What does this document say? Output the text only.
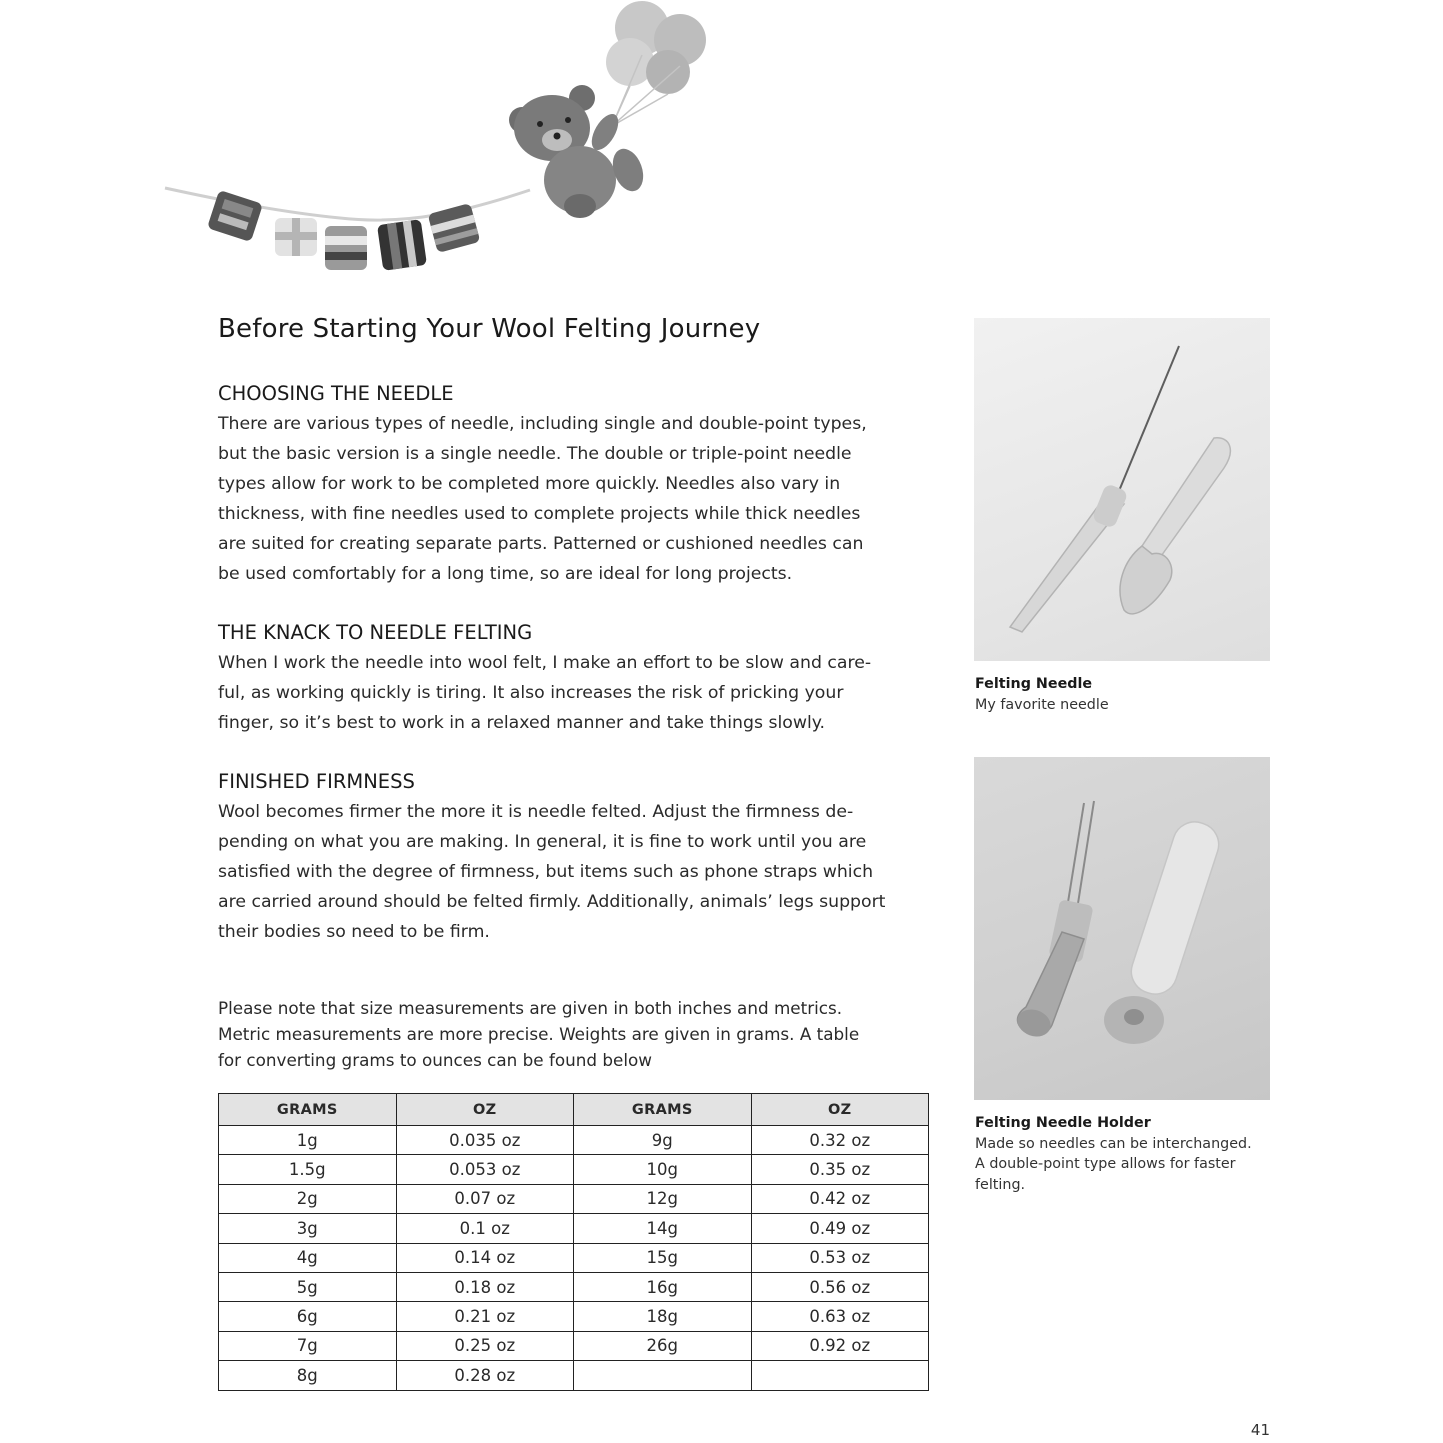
Before Starting Your Wool Felting Journey
CHOOSING THE NEEDLE
There are various types of needle, including single and double-point types,
but the basic version is a single needle. The double or triple-point needle
types allow for work to be completed more quickly. Needles also vary in
thickness, with fine needles used to complete projects while thick needles
are suited for creating separate parts. Patterned or cushioned needles can
be used comfortably for a long time, so are ideal for long projects.
THE KNACK TO NEEDLE FELTING
When I work the needle into wool felt, I make an effort to be slow and care-
ful, as working quickly is tiring. It also increases the risk of pricking your
finger, so it’s best to work in a relaxed manner and take things slowly.
FINISHED FIRMNESS
Wool becomes firmer the more it is needle felted. Adjust the firmness de-
pending on what you are making. In general, it is fine to work until you are
satisfied with the degree of firmness, but items such as phone straps which
are carried around should be felted firmly. Additionally, animals’ legs support
their bodies so need to be firm.
Please note that size measurements are given in both inches and metrics.
Metric measurements are more precise. Weights are given in grams. A table
for converting grams to ounces can be found below
GRAMS	OZ	GRAMS	OZ
1g	0.035 oz	9g	0.32 oz
1.5g	0.053 oz	10g	0.35 oz
2g	0.07 oz	12g	0.42 oz
3g	0.1 oz	14g	0.49 oz
4g	0.14 oz	15g	0.53 oz
5g	0.18 oz	16g	0.56 oz
6g	0.21 oz	18g	0.63 oz
7g	0.25 oz	26g	0.92 oz
8g	0.28 oz		

Felting Needle

My favorite needle

Felting Needle Holder

Made so needles can be interchanged.

A double-point type allows for faster

felting.

41
